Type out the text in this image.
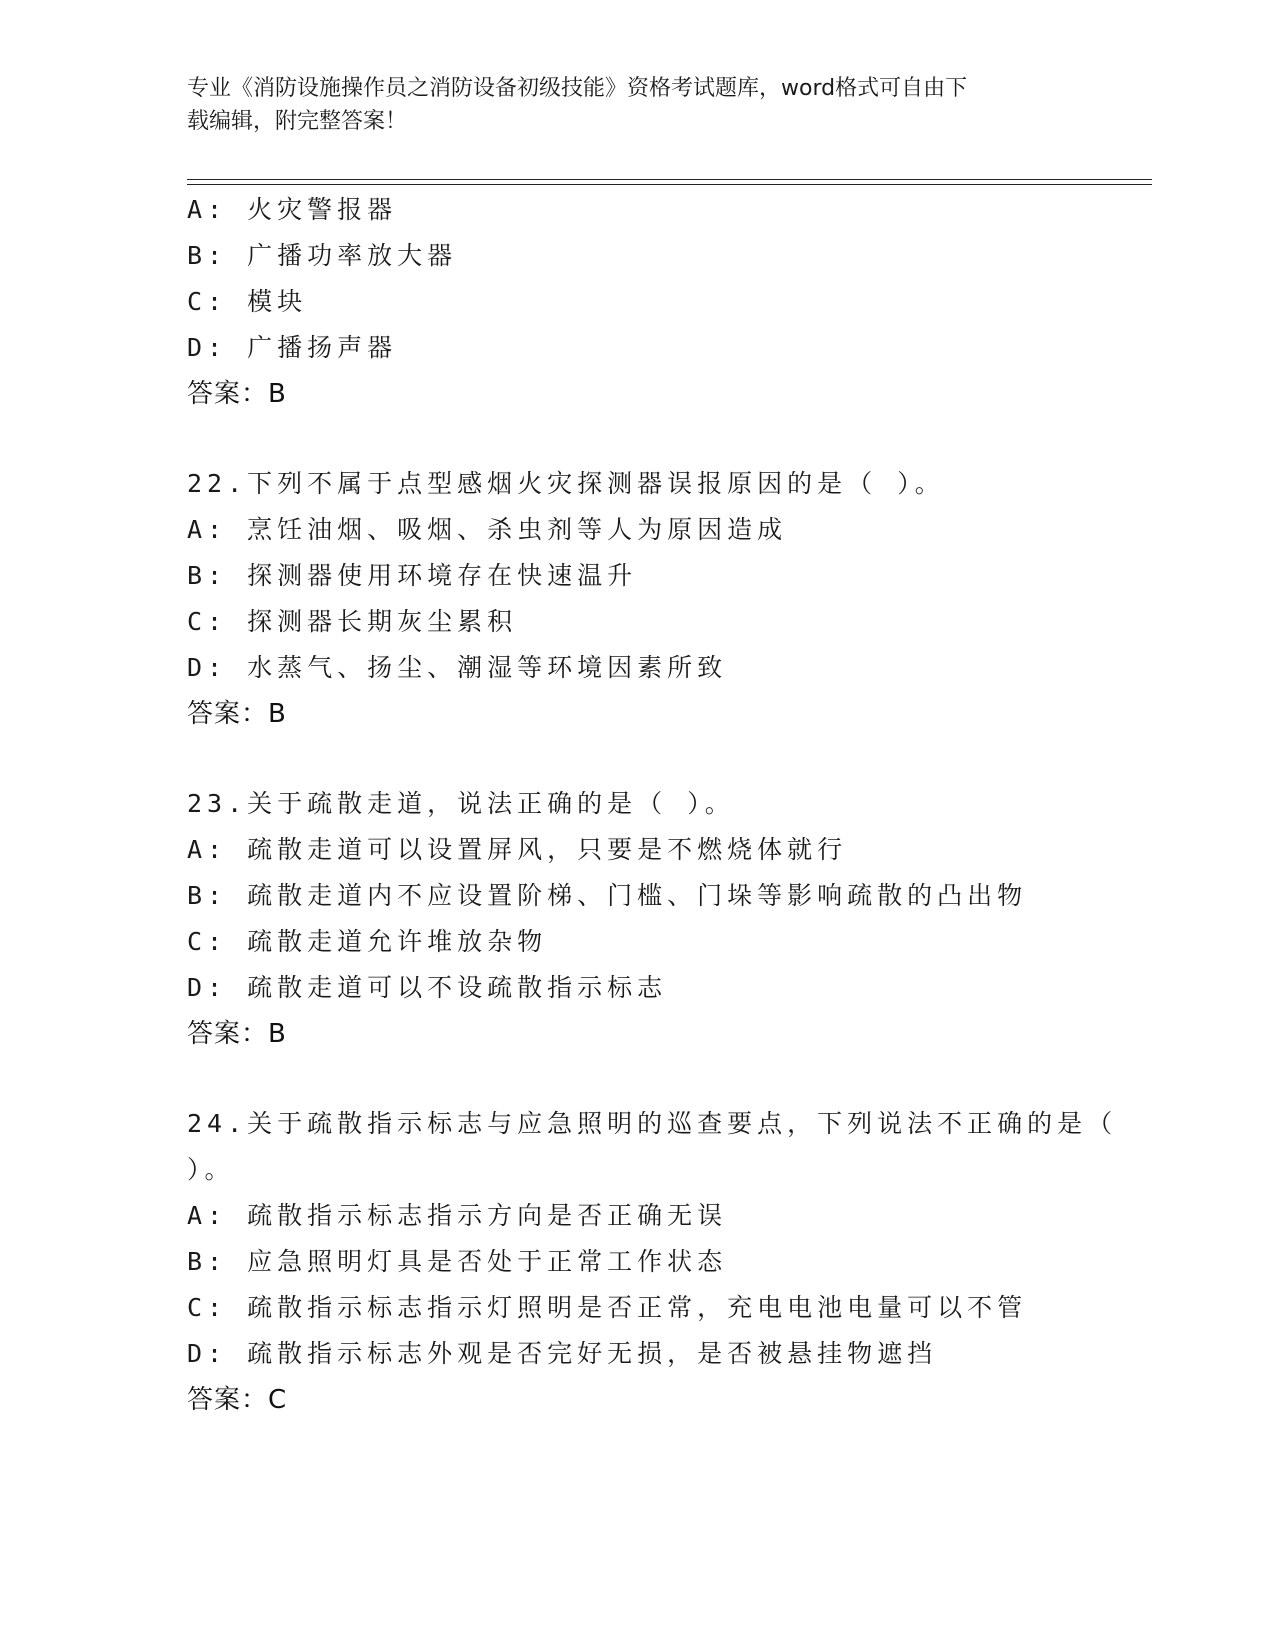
专业《消防设施操作员之消防设备初级技能》资格考试题库，word格式可自由下
载编辑，附完整答案！
A: 火灾警报器
B: 广播功率放大器
C: 模块
D: 广播扬声器
答案：B
22.下列不属于点型感烟火灾探测器误报原因的是（ ）。
A: 烹饪油烟、吸烟、杀虫剂等人为原因造成
B: 探测器使用环境存在快速温升
C: 探测器长期灰尘累积
D: 水蒸气、扬尘、潮湿等环境因素所致
答案：B
23.关于疏散走道，说法正确的是（ ）。
A: 疏散走道可以设置屏风，只要是不燃烧体就行
B: 疏散走道内不应设置阶梯、门槛、门垛等影响疏散的凸出物
C: 疏散走道允许堆放杂物
D: 疏散走道可以不设疏散指示标志
答案：B
24.关于疏散指示标志与应急照明的巡查要点，下列说法不正确的是（
）。
A: 疏散指示标志指示方向是否正确无误
B: 应急照明灯具是否处于正常工作状态
C: 疏散指示标志指示灯照明是否正常，充电电池电量可以不管
D: 疏散指示标志外观是否完好无损，是否被悬挂物遮挡
答案：C
